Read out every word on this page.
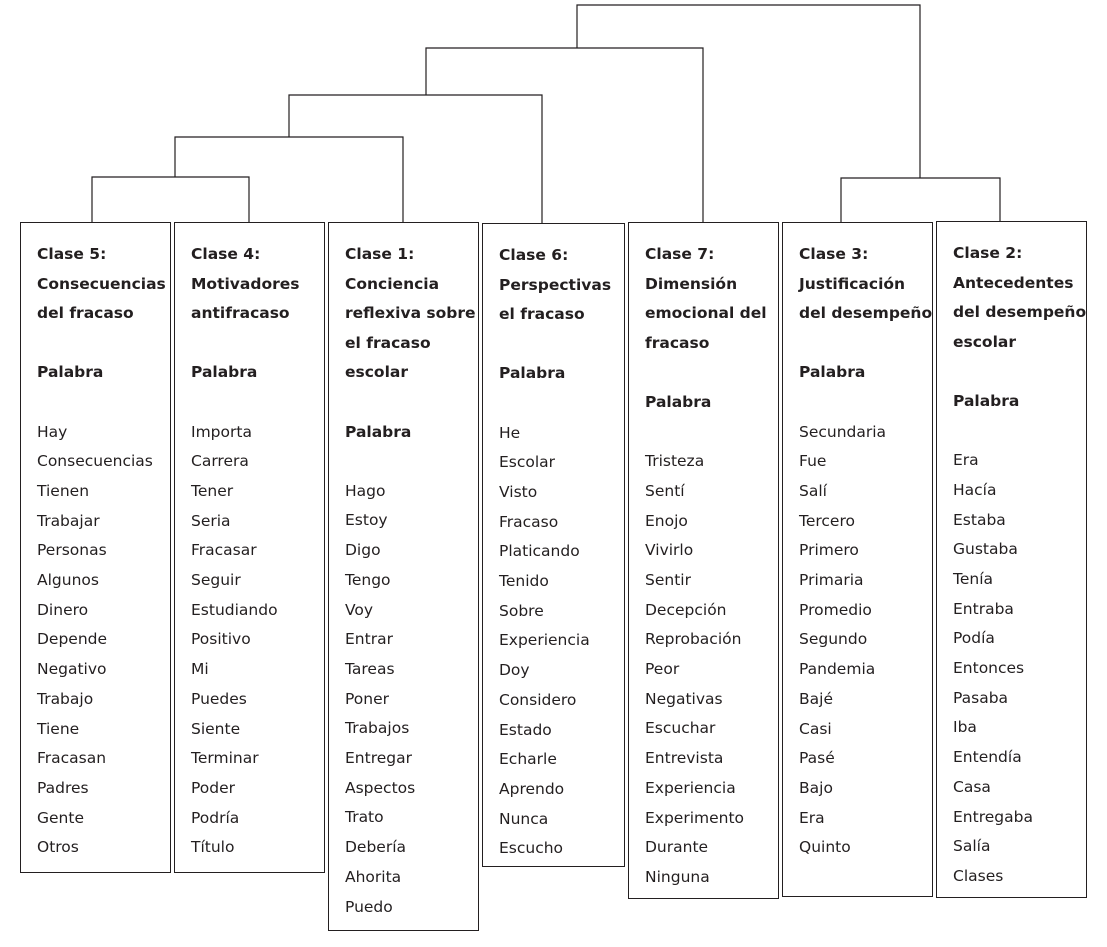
Clase 5:
Consecuencias
del fracaso
Palabra
Hay
Consecuencias
Tienen
Trabajar
Personas
Algunos
Dinero
Depende
Negativo
Trabajo
Tiene
Fracasan
Padres
Gente
Otros
Clase 4:
Motivadores
antifracaso
Palabra
Importa
Carrera
Tener
Seria
Fracasar
Seguir
Estudiando
Positivo
Mi
Puedes
Siente
Terminar
Poder
Podría
Título
Clase 1:
Conciencia
reflexiva sobre
el fracaso
escolar
Palabra
Hago
Estoy
Digo
Tengo
Voy
Entrar
Tareas
Poner
Trabajos
Entregar
Aspectos
Trato
Debería
Ahorita
Puedo
Clase 6:
Perspectivas
el fracaso
Palabra
He
Escolar
Visto
Fracaso
Platicando
Tenido
Sobre
Experiencia
Doy
Considero
Estado
Echarle
Aprendo
Nunca
Escucho
Clase 7:
Dimensión
emocional del
fracaso
Palabra
Tristeza
Sentí
Enojo
Vivirlo
Sentir
Decepción
Reprobación
Peor
Negativas
Escuchar
Entrevista
Experiencia
Experimento
Durante
Ninguna
Clase 3:
Justificación
del desempeño
Palabra
Secundaria
Fue
Salí
Tercero
Primero
Primaria
Promedio
Segundo
Pandemia
Bajé
Casi
Pasé
Bajo
Era
Quinto
Clase 2:
Antecedentes
del desempeño
escolar
Palabra
Era
Hacía
Estaba
Gustaba
Tenía
Entraba
Podía
Entonces
Pasaba
Iba
Entendía
Casa
Entregaba
Salía
Clases
